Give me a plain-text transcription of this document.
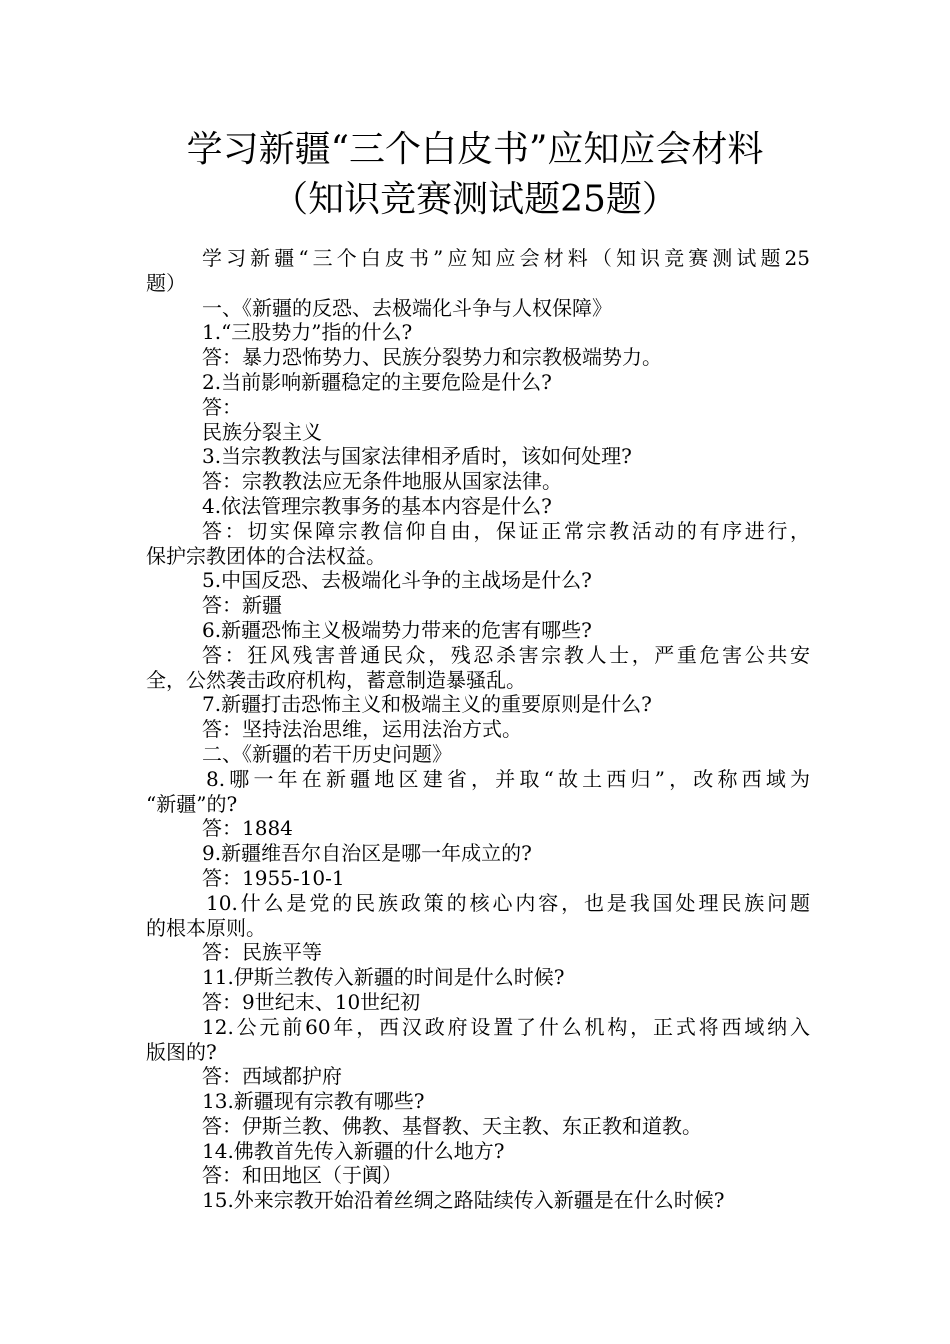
学习新疆“三个白皮书”应知应会材料
（知识竞赛测试题25题）
学习新疆“三个白皮书”应知应会材料（知识竞赛测试题25
题）
一、《新疆的反恐、去极端化斗争与人权保障》
1.“三股势力”指的什么?
答：暴力恐怖势力、民族分裂势力和宗教极端势力。
2.当前影响新疆稳定的主要危险是什么?
答：
民族分裂主义
3.当宗教教法与国家法律相矛盾时，该如何处理?
答：宗教教法应无条件地服从国家法律。
4.依法管理宗教事务的基本内容是什么?
答：切实保障宗教信仰自由，保证正常宗教活动的有序进行，
保护宗教团体的合法权益。
5.中国反恐、去极端化斗争的主战场是什么?
答：新疆
6.新疆恐怖主义极端势力带来的危害有哪些?
答：狂风残害普通民众，残忍杀害宗教人士，严重危害公共安
全，公然袭击政府机构，蓄意制造暴骚乱。
7.新疆打击恐怖主义和极端主义的重要原则是什么?
答：坚持法治思维，运用法治方式。
二、《新疆的若干历史问题》
8.哪一年在新疆地区建省，并取“故土西归”，改称西域为
“新疆”的?
答：1884
9.新疆维吾尔自治区是哪一年成立的?
答：1955-10-1
10.什么是党的民族政策的核心内容，也是我国处理民族问题
的根本原则。
答：民族平等
11.伊斯兰教传入新疆的时间是什么时候?
答：9世纪末、10世纪初
12.公元前60年，西汉政府设置了什么机构，正式将西域纳入
版图的?
答：西域都护府
13.新疆现有宗教有哪些?
答：伊斯兰教、佛教、基督教、天主教、东正教和道教。
14.佛教首先传入新疆的什么地方?
答：和田地区（于阗）
15.外来宗教开始沿着丝绸之路陆续传入新疆是在什么时候?
